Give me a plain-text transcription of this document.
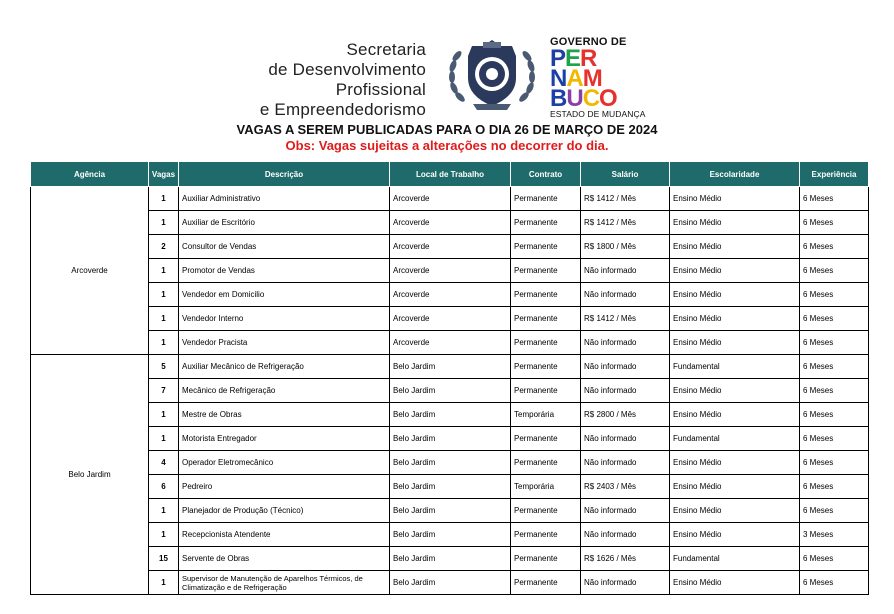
Secretaria
de Desenvolvimento
Profissional
e Empreendedorismo
GOVERNO DE
PER
NAM
BUCO
ESTADO DE MUDANÇA
VAGAS A SEREM PUBLICADAS PARA O DIA 26 DE MARÇO DE 2024
Obs: Vagas sujeitas a alterações no decorrer do dia.
Agência	Vagas	Descrição	Local de Trabalho	Contrato	Salário	Escolaridade	Experiência
Arcoverde	1	Auxiliar Administrativo	Arcoverde	Permanente	R$ 1412 / Mês	Ensino Médio	6 Meses
	1	Auxiliar de Escritório	Arcoverde	Permanente	R$ 1412 / Mês	Ensino Médio	6 Meses
	2	Consultor de Vendas	Arcoverde	Permanente	R$ 1800 / Mês	Ensino Médio	6 Meses
	1	Promotor de Vendas	Arcoverde	Permanente	Não informado	Ensino Médio	6 Meses
	1	Vendedor em Domicilio	Arcoverde	Permanente	Não informado	Ensino Médio	6 Meses
	1	Vendedor Interno	Arcoverde	Permanente	R$ 1412 / Mês	Ensino Médio	6 Meses
	1	Vendedor Pracista	Arcoverde	Permanente	Não informado	Ensino Médio	6 Meses
Belo Jardim	5	Auxiliar Mecânico de Refrigeração	Belo Jardim	Permanente	Não informado	Fundamental	6 Meses
	7	Mecânico de Refrigeração	Belo Jardim	Permanente	Não informado	Ensino Médio	6 Meses
	1	Mestre de Obras	Belo Jardim	Temporária	R$ 2800 / Mês	Ensino Médio	6 Meses
	1	Motorista Entregador	Belo Jardim	Permanente	Não informado	Fundamental	6 Meses
	4	Operador Eletromecânico	Belo Jardim	Permanente	Não informado	Ensino Médio	6 Meses
	6	Pedreiro	Belo Jardim	Temporária	R$ 2403 / Mês	Ensino Médio	6 Meses
	1	Planejador de Produção (Técnico)	Belo Jardim	Permanente	Não informado	Ensino Médio	6 Meses
	1	Recepcionista Atendente	Belo Jardim	Permanente	Não informado	Ensino Médio	3 Meses
	15	Servente de Obras	Belo Jardim	Permanente	R$ 1626 / Mês	Fundamental	6 Meses
	1	Supervisor de Manutenção de Aparelhos Térmicos, de Climatização e de Refrigeração	Belo Jardim	Permanente	Não informado	Ensino Médio	6 Meses
